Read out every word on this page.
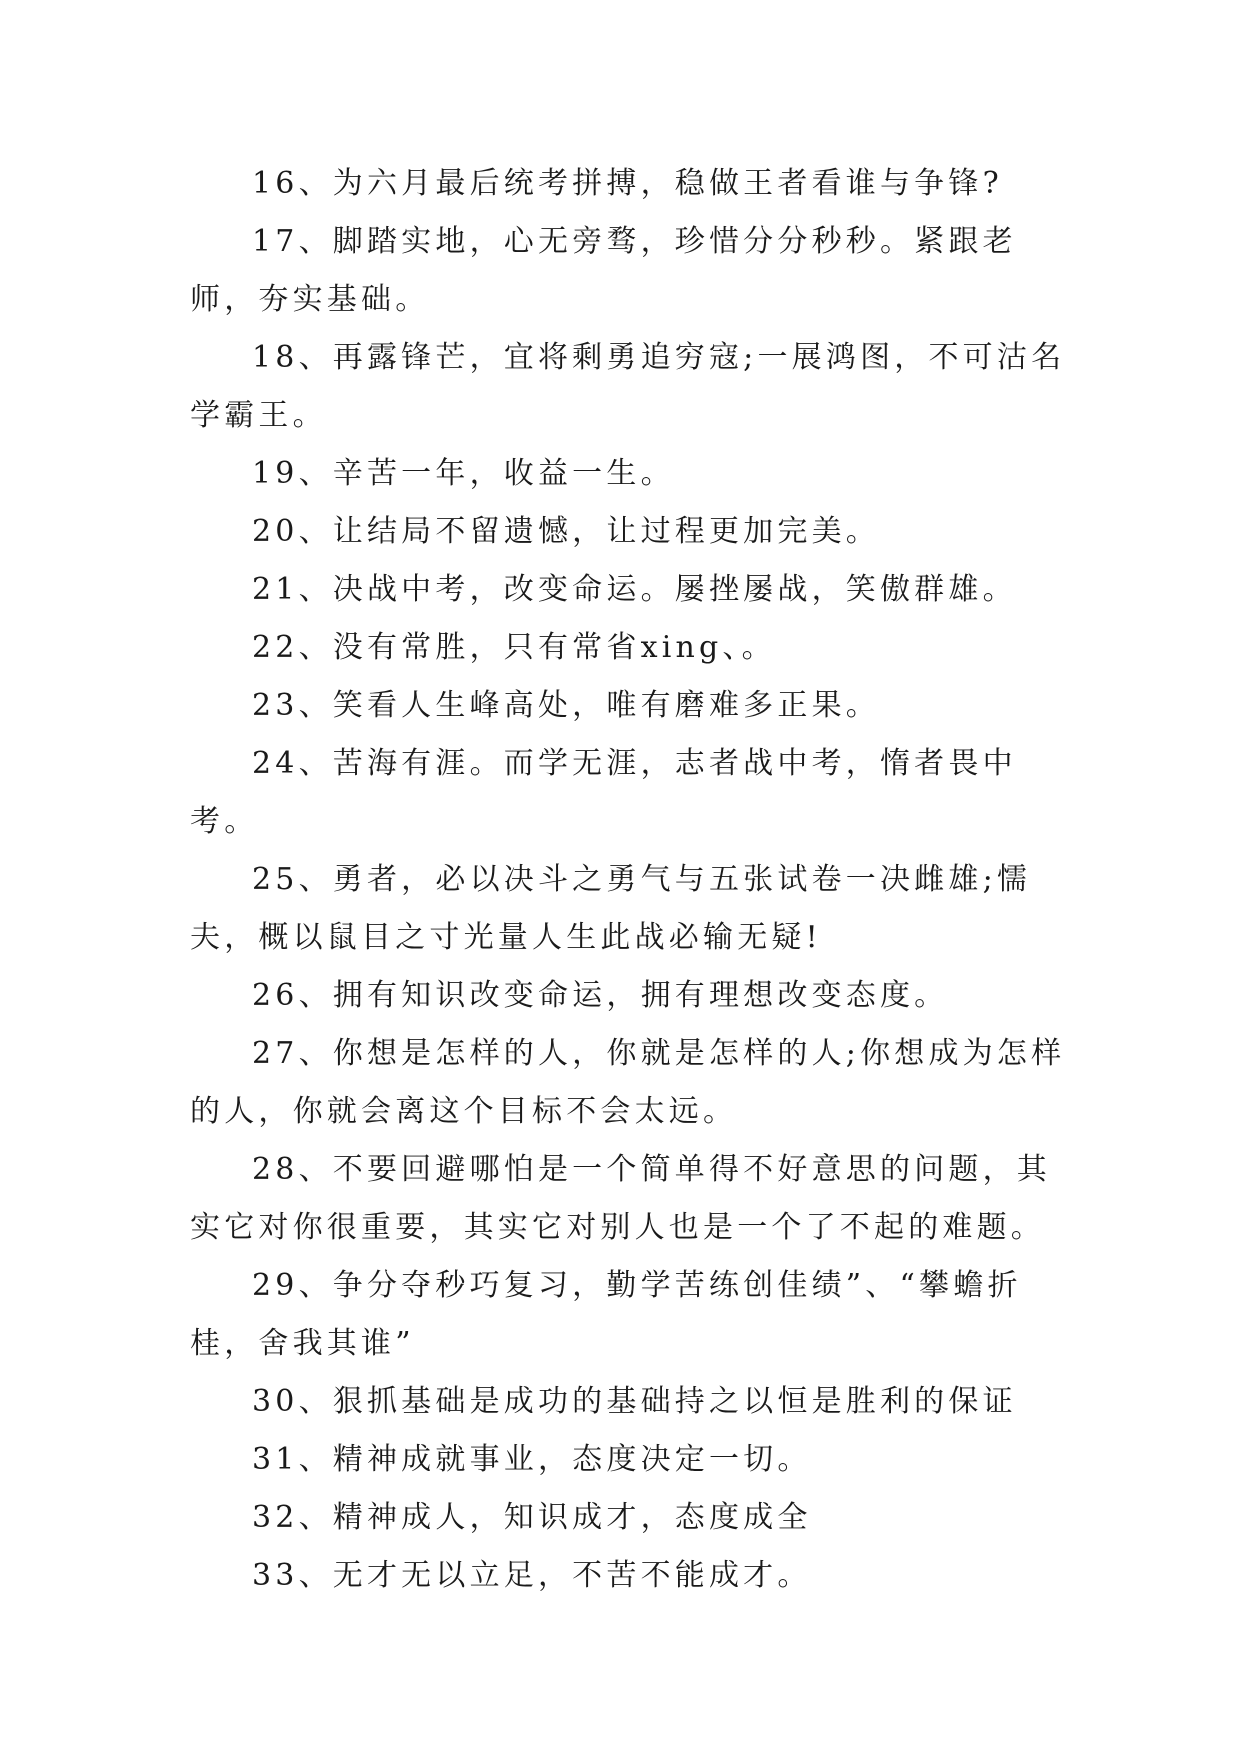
16、为六月最后统考拼搏，稳做王者看谁与争锋?

17、脚踏实地，心无旁骛，珍惜分分秒秒。紧跟老师，夯实基础。

18、再露锋芒，宜将剩勇追穷寇;一展鸿图，不可沽名学霸王。

19、辛苦一年，收益一生。

20、让结局不留遗憾，让过程更加完美。

21、决战中考，改变命运。屡挫屡战，笑傲群雄。

22、没有常胜，只有常省xing、。

23、笑看人生峰高处，唯有磨难多正果。

24、苦海有涯。而学无涯，志者战中考，惰者畏中考。

25、勇者，必以决斗之勇气与五张试卷一决雌雄;懦夫，概以鼠目之寸光量人生此战必输无疑!

26、拥有知识改变命运，拥有理想改变态度。

27、你想是怎样的人，你就是怎样的人;你想成为怎样的人，你就会离这个目标不会太远。

28、不要回避哪怕是一个简单得不好意思的问题，其实它对你很重要，其实它对别人也是一个了不起的难题。

29、争分夺秒巧复习，勤学苦练创佳绩”、“攀蟾折桂，舍我其谁”

30、狠抓基础是成功的基础持之以恒是胜利的保证

31、精神成就事业，态度决定一切。

32、精神成人，知识成才，态度成全

33、无才无以立足，不苦不能成才。
